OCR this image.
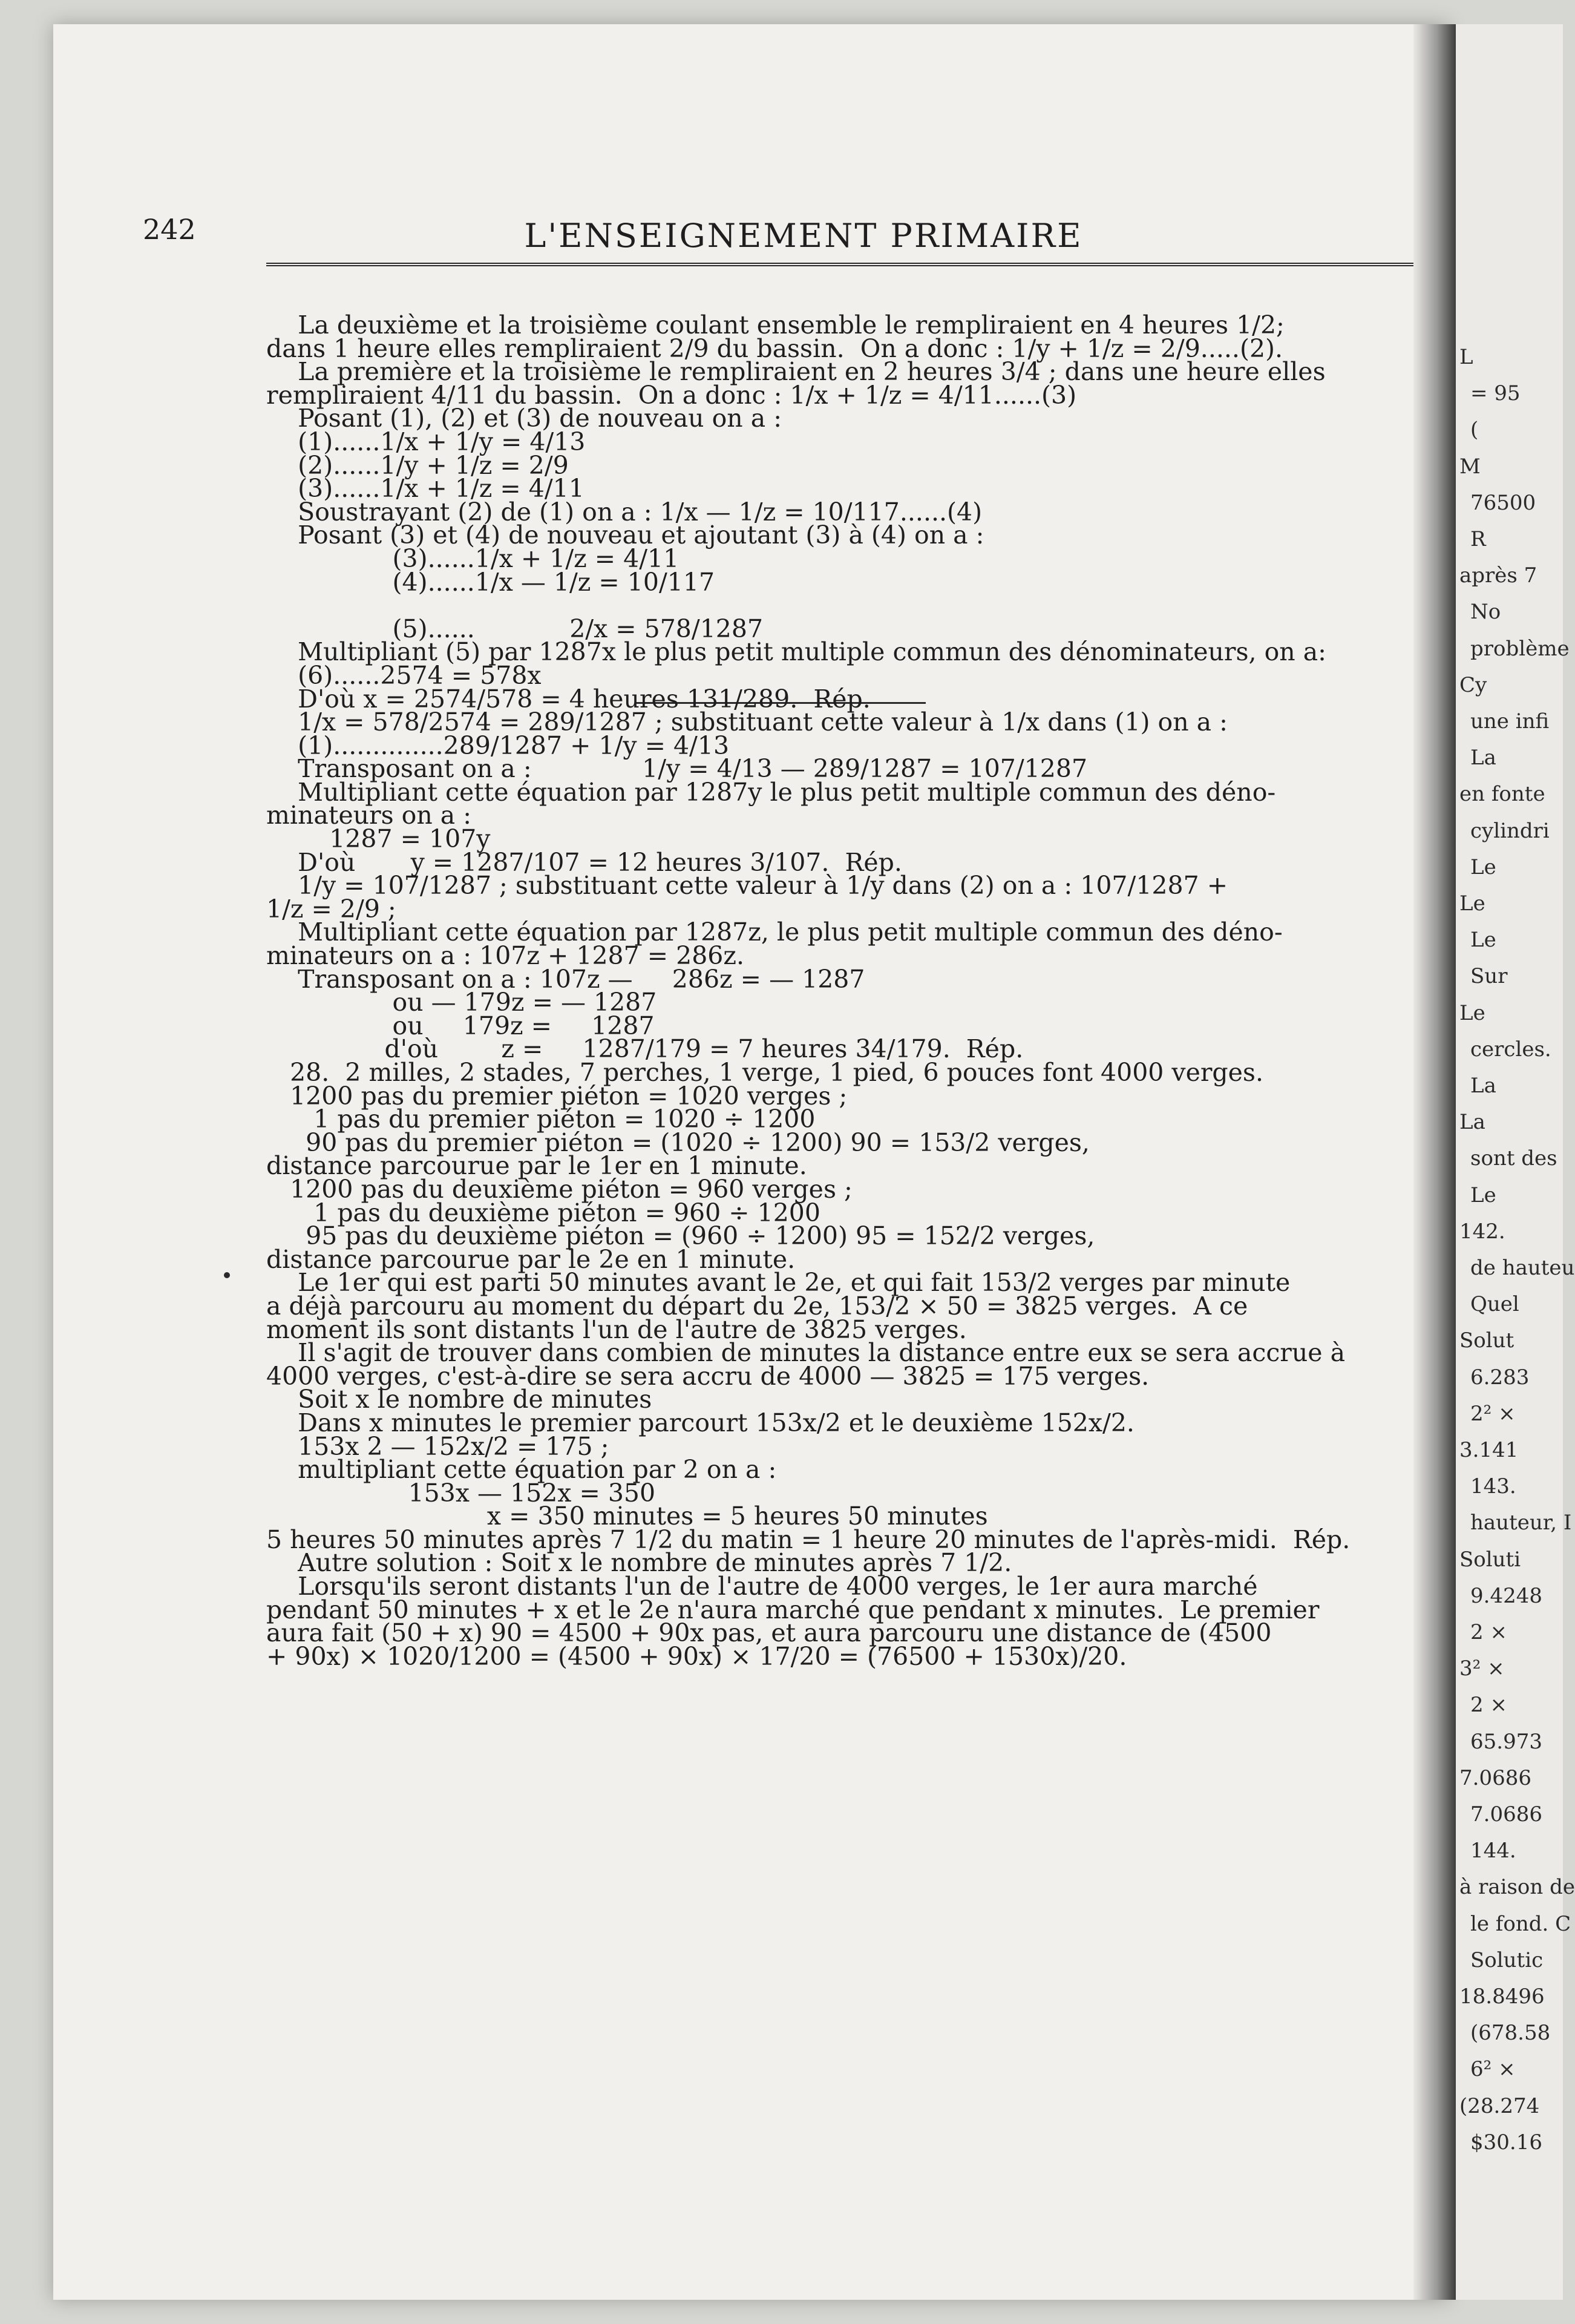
242	L'ENSEIGNEMENT PRIMAIRE
La deuxième et la troisième coulant ensemble le rempliraient en 4 heures 1/2;
dans 1 heure elles rempliraient 2/9 du bassin.  On a donc : 1/y + 1/z = 2/9.....(2).
La première et la troisième le rempliraient en 2 heures 3/4 ; dans une heure elles
rempliraient 4/11 du bassin.  On a donc : 1/x + 1/z = 4/11......(3)
Posant (1), (2) et (3) de nouveau on a :
(1)......1/x + 1/y = 4/13
(2)......1/y + 1/z = 2/9
(3)......1/x + 1/z = 4/11
Soustrayant (2) de (1) on a : 1/x — 1/z = 10/117......(4)
Posant (3) et (4) de nouveau et ajoutant (3) à (4) on a :
(3)......1/x + 1/z = 4/11
(4)......1/x — 1/z = 10/117
(5)......            2/x = 578/1287
Multipliant (5) par 1287x le plus petit multiple commun des dénominateurs, on a:
(6)......2574 = 578x
D'où x = 2574/578 = 4 heures 131/289.  Rép.
1/x = 578/2574 = 289/1287 ; substituant cette valeur à 1/x dans (1) on a :
(1)..............289/1287 + 1/y = 4/13
Transposant on a :              1/y = 4/13 — 289/1287 = 107/1287
Multipliant cette équation par 1287y le plus petit multiple commun des déno-
minateurs on a :
1287 = 107y
D'où       y = 1287/107 = 12 heures 3/107.  Rép.
1/y = 107/1287 ; substituant cette valeur à 1/y dans (2) on a : 107/1287 +
1/z = 2/9 ;
Multipliant cette équation par 1287z, le plus petit multiple commun des déno-
minateurs on a : 107z + 1287 = 286z.
Transposant on a : 107z —     286z = — 1287
ou — 179z = — 1287
ou     179z =     1287
d'où        z =     1287/179 = 7 heures 34/179.  Rép.
28.  2 milles, 2 stades, 7 perches, 1 verge, 1 pied, 6 pouces font 4000 verges.
1200 pas du premier piéton = 1020 verges ;
1 pas du premier piéton = 1020 ÷ 1200
90 pas du premier piéton = (1020 ÷ 1200) 90 = 153/2 verges,
distance parcourue par le 1er en 1 minute.
1200 pas du deuxième piéton = 960 verges ;
1 pas du deuxième piéton = 960 ÷ 1200
95 pas du deuxième piéton = (960 ÷ 1200) 95 = 152/2 verges,
distance parcourue par le 2e en 1 minute.
Le 1er qui est parti 50 minutes avant le 2e, et qui fait 153/2 verges par minute
a déjà parcouru au moment du départ du 2e, 153/2 × 50 = 3825 verges.  A ce
moment ils sont distants l'un de l'autre de 3825 verges.
Il s'agit de trouver dans combien de minutes la distance entre eux se sera accrue à
4000 verges, c'est-à-dire se sera accru de 4000 — 3825 = 175 verges.
Soit x le nombre de minutes
Dans x minutes le premier parcourt 153x/2 et le deuxième 152x/2.
153x 2 — 152x/2 = 175 ;
multipliant cette équation par 2 on a :
153x — 152x = 350
x = 350 minutes = 5 heures 50 minutes
5 heures 50 minutes après 7 1/2 du matin = 1 heure 20 minutes de l'après-midi.  Rép.
Autre solution : Soit x le nombre de minutes après 7 1/2.
Lorsqu'ils seront distants l'un de l'autre de 4000 verges, le 1er aura marché
pendant 50 minutes + x et le 2e n'aura marché que pendant x minutes.  Le premier
aura fait (50 + x) 90 = 4500 + 90x pas, et aura parcouru une distance de (4500
+ 90x) × 1020/1200 = (4500 + 90x) × 17/20 = (76500 + 1530x)/20.
L
= 95
(
M
76500
R
après 7
No
problème
Cy
une infi
La
en fonte
cylindri
Le
Le
Le
Sur
Le
cercles.
La
La
sont des
Le
142.
de hauteu
Quel
Solut
6.283
2² ×
3.141
143.
hauteur, I
Soluti
9.4248
2 ×
3² ×
2 ×
65.973
7.0686
7.0686
144.
à raison de
le fond. C
Solutic
18.8496
(678.58
6² ×
(28.274
$30.16
